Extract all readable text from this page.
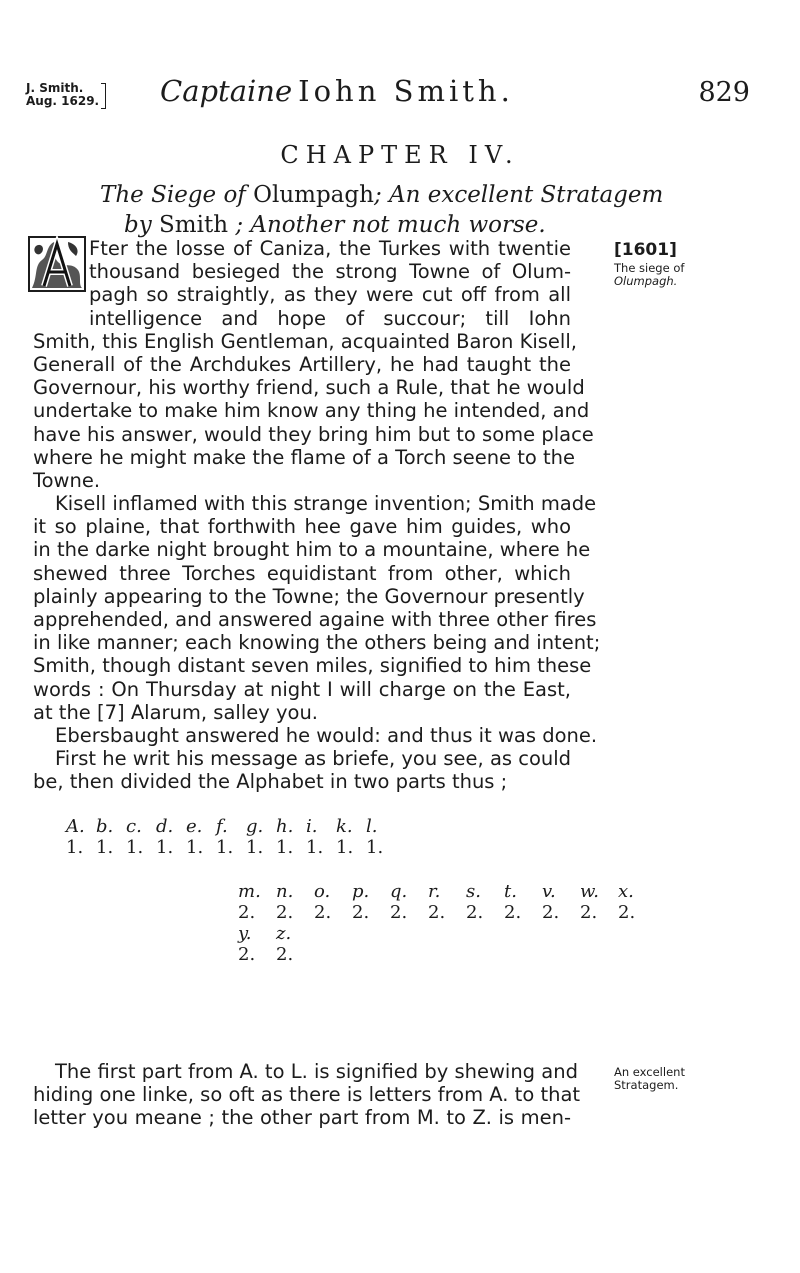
J. Smith.
Aug. 1629. Captaine Iohn Smith.	829
CHAPTER IV.
The Siege of Olumpagh; An excellent Stratagem
by Smith ; Another not much worse.
Fter the losse of Caniza, the Turkes with twentie
thousand besieged the strong Towne of Olum-
pagh so straightly, as they were cut off from all
intelligence and hope of succour; till Iohn
Smith, this English Gentleman, acquainted Baron Kisell,
Generall of the Archdukes Artillery, he had taught the
Governour, his worthy friend, such a Rule, that he would
undertake to make him know any thing he intended, and
have his answer, would they bring him but to some place
where he might make the flame of a Torch seene to the
Towne.
Kisell inflamed with this strange invention; Smith made
it so plaine, that forthwith hee gave him guides, who
in the darke night brought him to a mountaine, where he
shewed three Torches equidistant from other, which
plainly appearing to the Towne; the Governour presently
apprehended, and answered againe with three other fires
in like manner; each knowing the others being and intent;
Smith, though distant seven miles, signified to him these
words : On Thursday at night I will charge on the East,
at the [7] Alarum, salley you.
Ebersbaught answered he would: and thus it was done.
First he writ his message as briefe, you see, as could
be, then divided the Alphabet in two parts thus ;
A. b. c. d. e. f. g. h. i. k. l.
1. 1. 1. 1. 1. 1. 1. 1. 1. 1. 1.
m. n. o. p. q. r. s. t. v. w. x.
2. 2. 2. 2. 2. 2. 2. 2. 2. 2. 2.
y. z.
2. 2.
The first part from A. to L. is signified by shewing and
hiding one linke, so oft as there is letters from A. to that
letter you meane ; the other part from M. to Z. is men-
[1601]
The siege of
Olumpagh.
An excellent
Stratagem.
